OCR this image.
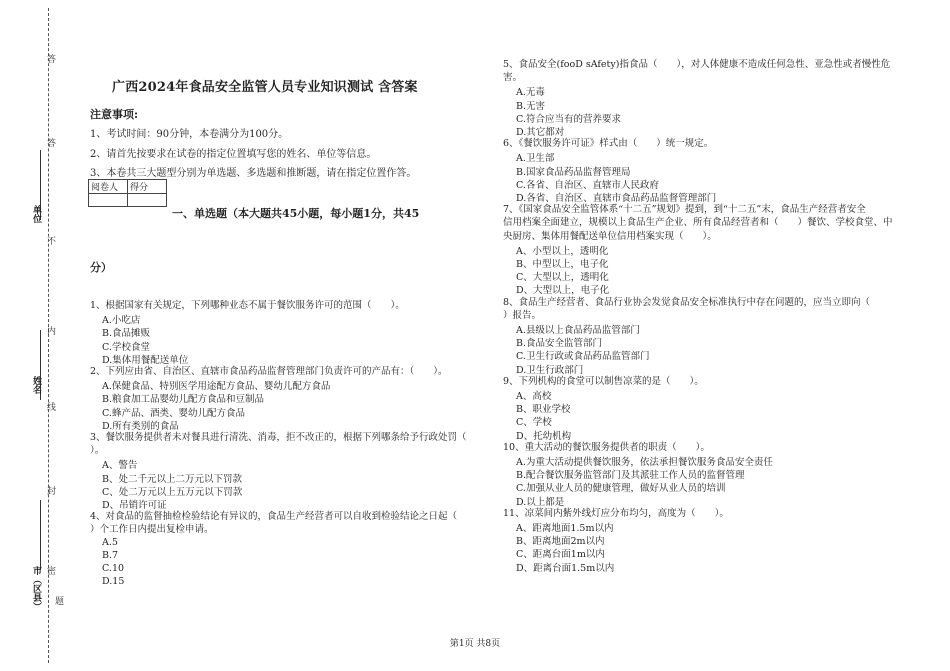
答
答
不
内
线
封
密
单位
姓名
市（区县） 题
广西2024年食品安全监管人员专业知识测试 含答案
注意事项:
1、考试时间：90分钟，本卷满分为100分。
2、请首先按要求在试卷的指定位置填写您的姓名、单位等信息。
3、本卷共三大题型分别为单选题、多选题和推断题，请在指定位置作答。
阅卷人	得分

一、单选题（本大题共45小题，每小题1分，共45
分）
1、根据国家有关规定，下列哪种业态不属于餐饮服务许可的范围（　　）。
A.小吃店
B.食品摊贩
C.学校食堂
D.集体用餐配送单位
2、下列应由省、自治区、直辖市食品药品监督管理部门负责许可的产品有：（　　）。
A.保健食品、特别医学用途配方食品、婴幼儿配方食品
B.粮食加工品婴幼儿配方食品和豆制品
C.蜂产品、酒类、婴幼儿配方食品
D.所有类别的食品
3、餐饮服务提供者未对餐具进行清洗、消毒，拒不改正的，根据下列哪条给予行政处罚（
）。
A、警告
B、处二千元以上二万元以下罚款
C、处二万元以上五万元以下罚款
D、吊销许可证
4、对食品的监督抽检检验结论有异议的，食品生产经营者可以自收到检验结论之日起（
）个工作日内提出复检申请。
A.5
B.7
C.10
D.15
5、食品安全(fooD sAfety)指食品（　　），对人体健康不造成任何急性、亚急性或者慢性危
害。
A.无毒
B.无害
C.符合应当有的营养要求
D.其它都对
6、《餐饮服务许可证》样式由（　　）统一规定。
A.卫生部
B.国家食品药品监督管理局
C.各省、自治区、直辖市人民政府
D.各省、自治区、直辖市食品药品监督管理部门
7、《国家食品安全监管体系“十二五”规划》提到，到“十二五”末，食品生产经营者安全
信用档案全面建立，规模以上食品生产企业、所有食品经营者和（　　）餐饮、学校食堂、中
央厨房、集体用餐配送单位信用档案实现（　　）。
A、小型以上，透明化
B、中型以上，电子化
C、大型以上，透明化
D、大型以上，电子化
8、食品生产经营者、食品行业协会发觉食品安全标准执行中存在问题的，应当立即向（
）报告。
A.县级以上食品药品监管部门
B.食品安全监管部门
C.卫生行政或食品药品监管部门
D.卫生行政部门
9、下列机构的食堂可以制售凉菜的是（　　）。
A、高校
B、职业学校
C、学校
D、托幼机构
10、重大活动的餐饮服务提供者的职责（　　）。
A.为重大活动提供餐饮服务，依法承担餐饮服务食品安全责任
B.配合餐饮服务监管部门及其派驻工作人员的监督管理
C.加强从业人员的健康管理，做好从业人员的培训
D.以上都是
11、凉菜间内紫外线灯应分布均匀，高度为（　　）。
A、距离地面1.5m以内
B、距离地面2m以内
C、距离台面1m以内
D、距离台面1.5m以内
第1页 共8页
